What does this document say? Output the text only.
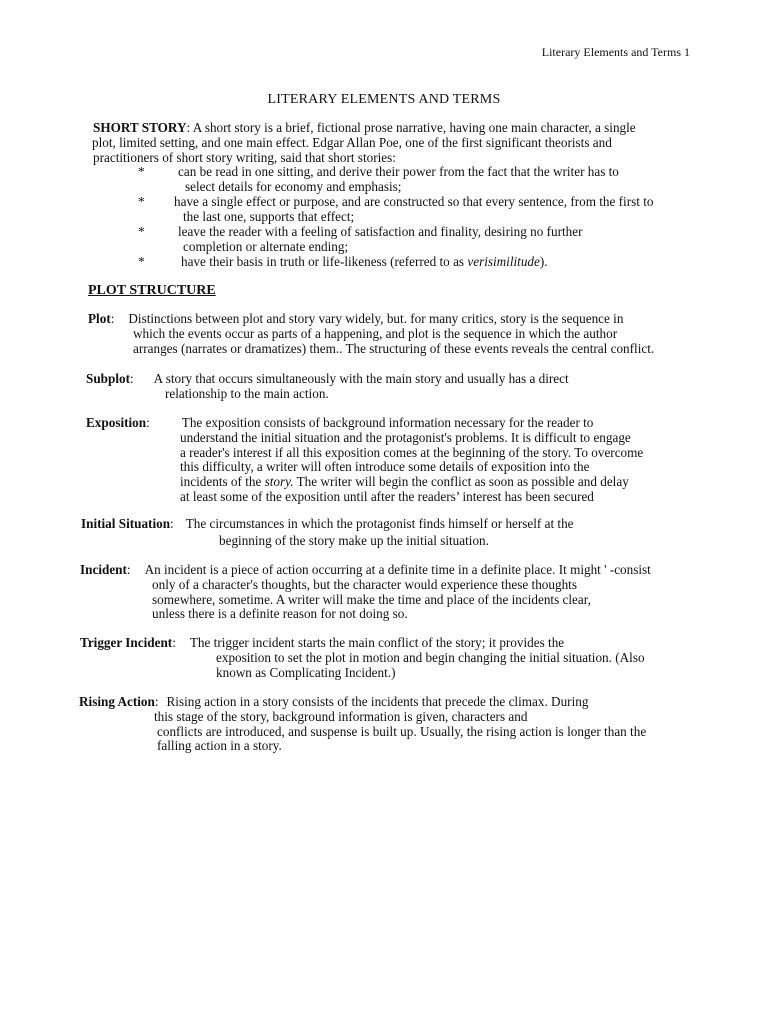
Literary Elements and Terms 1
LITERARY ELEMENTS AND TERMS
SHORT STORY: A short story is a brief, fictional prose narrative, having one main character, a single
plot, limited setting, and one main effect. Edgar Allan Poe, one of the first significant theorists and
practitioners of short story writing, said that short stories:
*	can be read in one sitting, and derive their power from the fact that the writer has to
select details for economy and emphasis;
* have a single effect or purpose, and are constructed so that every sentence, from the first to
the last one, supports that effect;
*	leave the reader with a feeling of satisfaction and finality, desiring no further
completion or alternate ending;
*	have their basis in truth or life-likeness (referred to as verisimilitude).
PLOT STRUCTURE
Plot: Distinctions between plot and story vary widely, but. for many critics, story is the sequence in
which the events occur as parts of a happening, and plot is the sequence in which the author
arranges (narrates or dramatizes) them.. The structuring of these events reveals the central conflict.
Subplot: A story that occurs simultaneously with the main story and usually has a direct
relationship to the main action.
Exposition: The exposition consists of background information necessary for the reader to
understand the initial situation and the protagonist's problems. It is difficult to engage
a reader's interest if all this exposition comes at the beginning of the story. To overcome
this difficulty, a writer will often introduce some details of exposition into the
incidents of the story. The writer will begin the conflict as soon as possible and delay
at least some of the exposition until after the readers’ interest has been secured
Initial Situation: The circumstances in which the protagonist finds himself or herself at the
beginning of the story make up the initial situation.
Incident: An incident is a piece of action occurring at a definite time in a definite place. It might ' -consist
only of a character's thoughts, but the character would experience these thoughts
somewhere, sometime. A writer will make the time and place of the incidents clear,
unless there is a definite reason for not doing so.
Trigger Incident: The trigger incident starts the main conflict of the story; it provides the
exposition to set the plot in motion and begin changing the initial situation. (Also
known as Complicating Incident.)
Rising Action: Rising action in a story consists of the incidents that precede the climax. During
this stage of the story, background information is given, characters and
conflicts are introduced, and suspense is built up. Usually, the rising action is longer than the
falling action in a story.
